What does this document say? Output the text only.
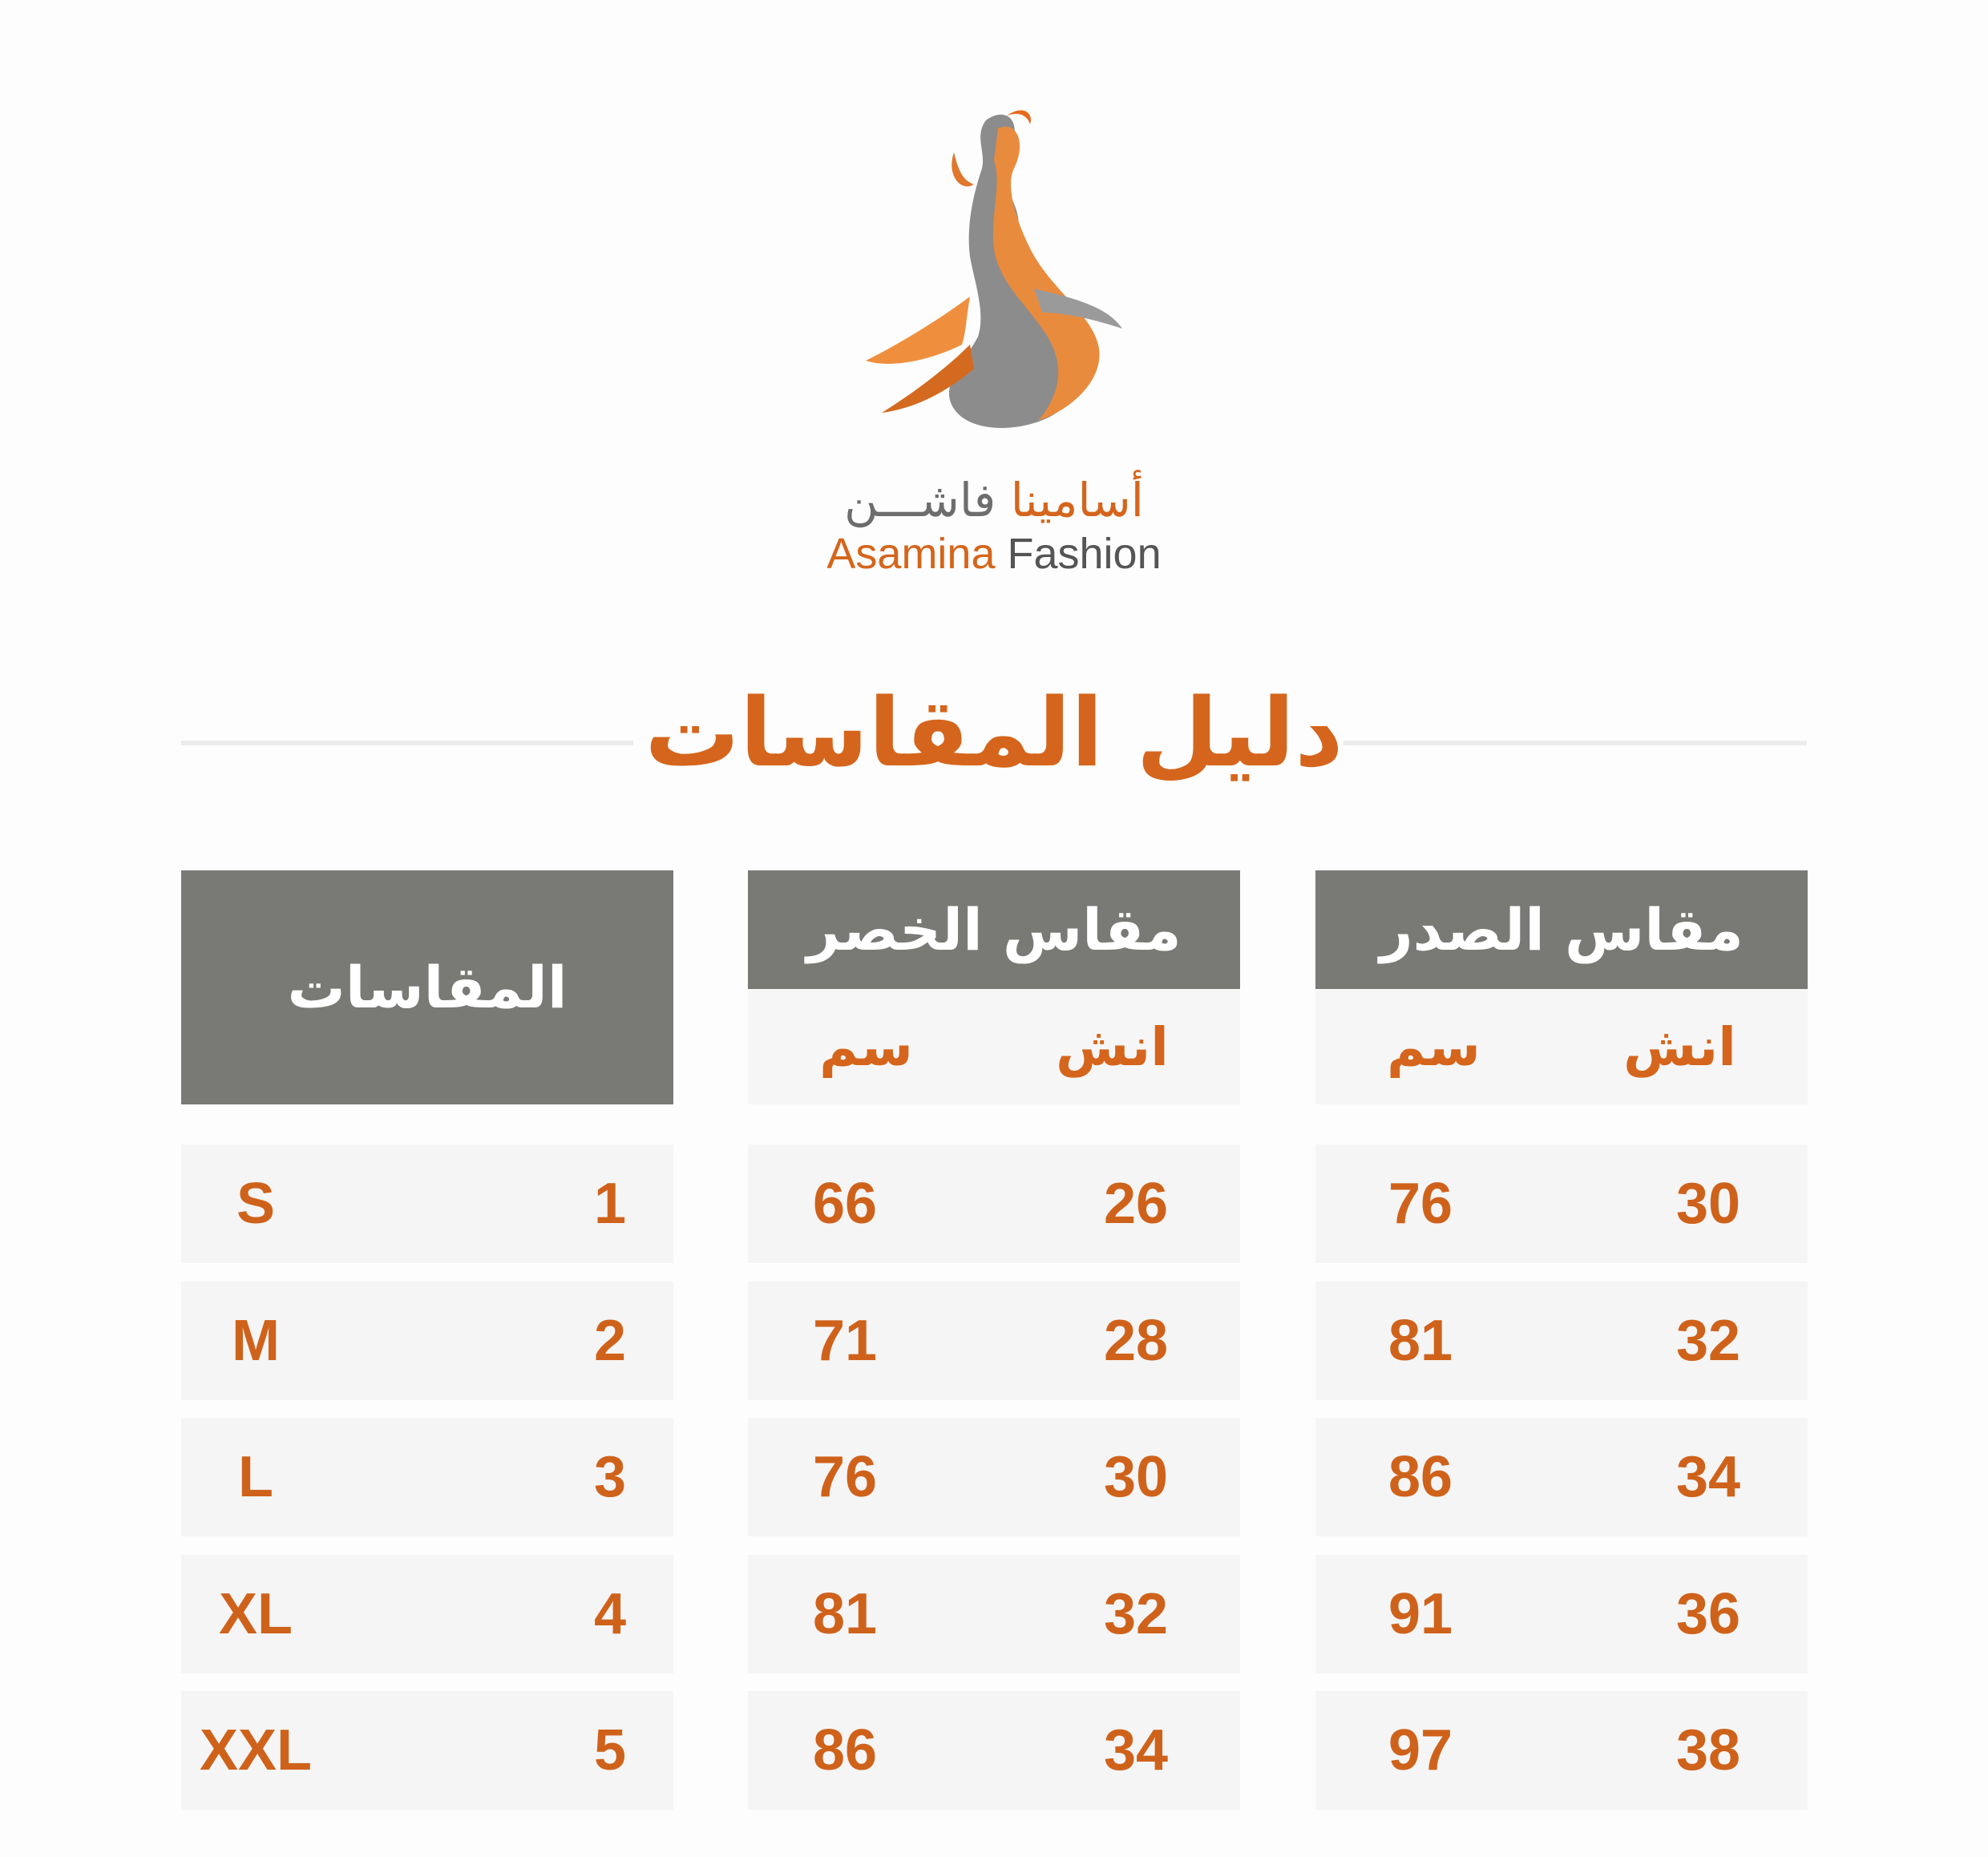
أسامينا فاشـــن
Asamina Fashion
دليل المقاسات
مقاس الصدر
انش
سم
مقاس الخصر
انش
سم
المقاسات
30
76
26
66
1
S
32
81
28
71
2
M
34
86
30
76
3
L
36
91
32
81
4
XL
38
97
34
86
5
XXL
